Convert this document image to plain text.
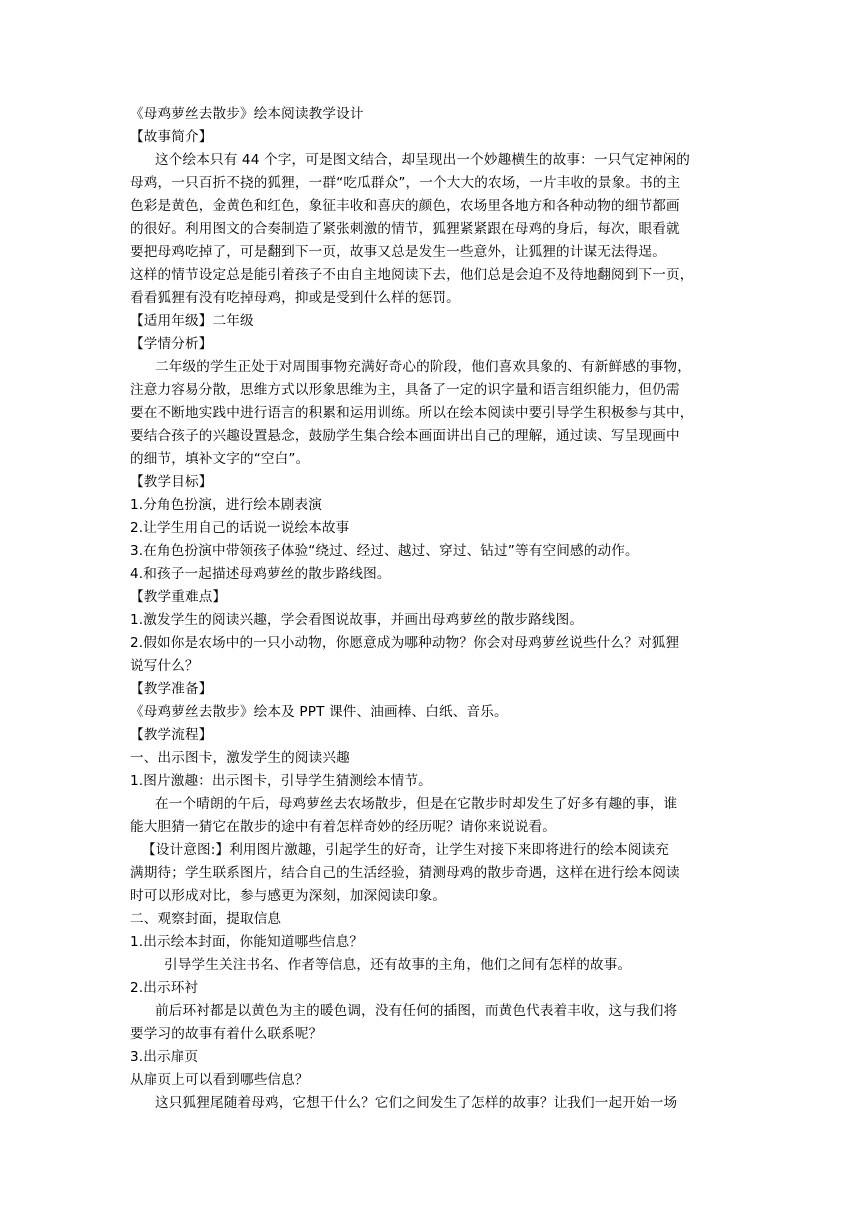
《母鸡萝丝去散步》绘本阅读教学设计
【故事简介】
这个绘本只有 44 个字，可是图文结合，却呈现出一个妙趣横生的故事：一只气定神闲的
母鸡，一只百折不挠的狐狸，一群“吃瓜群众”，一个大大的农场，一片丰收的景象。书的主
色彩是黄色，金黄色和红色，象征丰收和喜庆的颜色，农场里各地方和各种动物的细节都画
的很好。利用图文的合奏制造了紧张刺激的情节，狐狸紧紧跟在母鸡的身后，每次，眼看就
要把母鸡吃掉了，可是翻到下一页，故事又总是发生一些意外，让狐狸的计谋无法得逞。
这样的情节设定总是能引着孩子不由自主地阅读下去，他们总是会迫不及待地翻阅到下一页，
看看狐狸有没有吃掉母鸡，抑或是受到什么样的惩罚。
【适用年级】二年级
【学情分析】
二年级的学生正处于对周围事物充满好奇心的阶段，他们喜欢具象的、有新鲜感的事物，
注意力容易分散，思维方式以形象思维为主，具备了一定的识字量和语言组织能力，但仍需
要在不断地实践中进行语言的积累和运用训练。所以在绘本阅读中要引导学生积极参与其中，
要结合孩子的兴趣设置悬念，鼓励学生集合绘本画面讲出自己的理解，通过读、写呈现画中
的细节，填补文字的“空白”。
【教学目标】
1.分角色扮演，进行绘本剧表演
2.让学生用自己的话说一说绘本故事
3.在角色扮演中带领孩子体验“绕过、经过、越过、穿过、钻过”等有空间感的动作。
4.和孩子一起描述母鸡萝丝的散步路线图。
【教学重难点】
1.激发学生的阅读兴趣，学会看图说故事，并画出母鸡萝丝的散步路线图。
2.假如你是农场中的一只小动物，你愿意成为哪种动物？你会对母鸡萝丝说些什么？对狐狸
说写什么？
【教学准备】
《母鸡萝丝去散步》绘本及 PPT 课件、油画棒、白纸、音乐。
【教学流程】
一、出示图卡，激发学生的阅读兴趣
1.图片激趣：出示图卡，引导学生猜测绘本情节。
在一个晴朗的午后，母鸡萝丝去农场散步，但是在它散步时却发生了好多有趣的事，谁
能大胆猜一猜它在散步的途中有着怎样奇妙的经历呢？请你来说说看。
【设计意图:】利用图片激趣，引起学生的好奇，让学生对接下来即将进行的绘本阅读充
满期待；学生联系图片，结合自己的生活经验，猜测母鸡的散步奇遇，这样在进行绘本阅读
时可以形成对比，参与感更为深刻，加深阅读印象。
二、观察封面，提取信息
1.出示绘本封面，你能知道哪些信息？
引导学生关注书名、作者等信息，还有故事的主角，他们之间有怎样的故事。
2.出示环衬
前后环衬都是以黄色为主的暖色调，没有任何的插图，而黄色代表着丰收，这与我们将
要学习的故事有着什么联系呢？
3.出示扉页
从扉页上可以看到哪些信息？
这只狐狸尾随着母鸡，它想干什么？它们之间发生了怎样的故事？让我们一起开始一场
